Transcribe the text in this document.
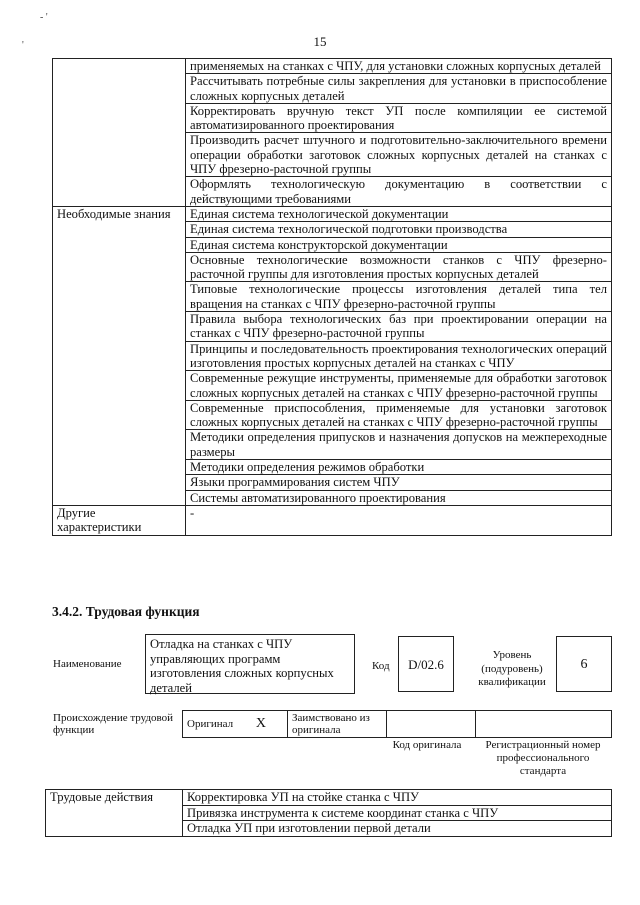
- '
'	15
	применяемых на станках с ЧПУ, для установки сложных корпусных деталей
	Рассчитывать потребные силы закрепления для установки в приспособление сложных корпусных деталей
	Корректировать вручную текст УП после компиляции ее системой автоматизированного проектирования
	Производить расчет штучного и подготовительно-заключительного времени операции обработки заготовок сложных корпусных деталей на станках с ЧПУ фрезерно-расточной группы
	Оформлять технологическую документацию в соответствии с действующими требованиями
Необходимые знания	Единая система технологической документации
	Единая система технологической подготовки производства
	Единая система конструкторской документации
	Основные технологические возможности станков с ЧПУ фрезерно-расточной группы для изготовления простых корпусных деталей
	Типовые технологические процессы изготовления деталей типа тел вращения на станках с ЧПУ фрезерно-расточной группы
	Правила выбора технологических баз при проектировании операции на станках с ЧПУ фрезерно-расточной группы
	Принципы и последовательность проектирования технологических операций изготовления простых корпусных деталей на станках с ЧПУ
	Современные режущие инструменты, применяемые для обработки заготовок сложных корпусных деталей на станках с ЧПУ фрезерно-расточной группы
	Современные приспособления, применяемые для установки заготовок сложных корпусных деталей на станках с ЧПУ фрезерно-расточной группы
	Методики определения припусков и назначения допусков на межпереходные размеры
	Методики определения режимов обработки
	Языки программирования систем ЧПУ
	Системы автоматизированного проектирования
Другие характеристики	-
3.4.2. Трудовая функция
Наименование
Отладка на станках с ЧПУ управляющих программ изготовления сложных корпусных деталей
Код	D/02.6
Уровень (подуровень) квалификации
6
Происхождение трудовой функции	Оригинал X	Заимствовано из оригинала		
Код оригинала	Регистрационный номер профессионального стандарта
Трудовые действия	Корректировка УП на стойке станка с ЧПУ
Привязка инструмента к системе координат станка с ЧПУ
Отладка УП при изготовлении первой детали
